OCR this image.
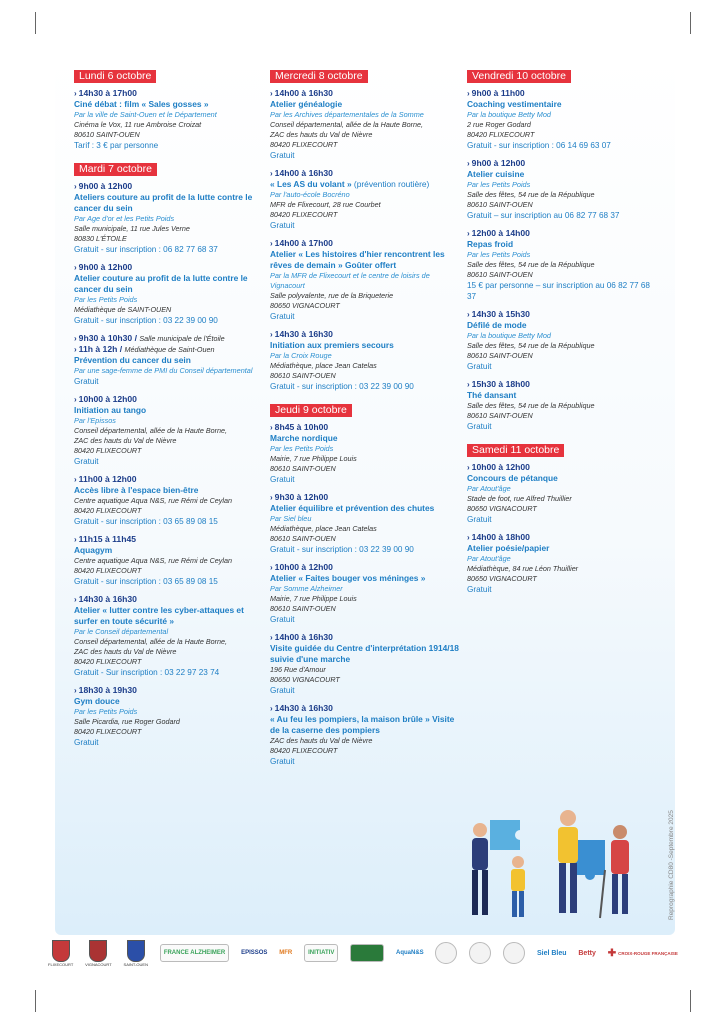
Lundi 6 octobre
› 14h30 à 17h00
Ciné débat : film « Sales gosses »
Par la ville de Saint-Ouen et le Département
Cinéma le Vox, 11 rue Ambroise Croizat
80610 SAINT-OUEN
Tarif : 3 € par personne
Mardi 7 octobre
› 9h00 à 12h00
Ateliers couture au profit de la lutte contre le cancer du sein
Par Age d'or et les Petits Poids
Salle municipale, 11 rue Jules Verne
80830 L'ÉTOILE
Gratuit - sur inscription : 06 82 77 68 37
› 9h00 à 12h00
Atelier couture au profit de la lutte contre le cancer du sein
Par les Petits Poids
Médiathèque de SAINT-OUEN
Gratuit - sur inscription : 03 22 39 00 90
› 9h30 à 10h30 / Salle municipale de l'Étoile
› 11h à 12h / Médiathèque de Saint-Ouen
Prévention du cancer du sein
Par une sage-femme de PMI du Conseil départemental
Gratuit
› 10h00 à 12h00
Initiation au tango
Par l'Epissos
Conseil départemental, allée de la Haute Borne,
ZAC des hauts du Val de Nièvre
80420 FLIXECOURT
Gratuit
› 11h00 à 12h00
Accès libre à l'espace bien-être
Centre aquatique Aqua N&S, rue Rémi de Ceylan
80420 FLIXECOURT
Gratuit - sur inscription : 03 65 89 08 15
› 11h15 à 11h45
Aquagym
Centre aquatique Aqua N&S, rue Rémi de Ceylan
80420 FLIXECOURT
Gratuit - sur inscription : 03 65 89 08 15
› 14h30 à 16h30
Atelier « lutter contre les cyber-attaques et surfer en toute sécurité »
Par le Conseil départemental
Conseil départemental, allée de la Haute Borne,
ZAC des hauts du Val de Nièvre
80420 FLIXECOURT
Gratuit - Sur inscription : 03 22 97 23 74
› 18h30 à 19h30
Gym douce
Par les Petits Poids
Salle Picardia, rue Roger Godard
80420 FLIXECOURT
Gratuit
Mercredi 8 octobre
› 14h00 à 16h30
Atelier généalogie
Par les Archives départementales de la Somme
Conseil départemental, allée de la Haute Borne,
ZAC des hauts du Val de Nièvre
80420 FLIXECOURT
Gratuit
› 14h00 à 16h30
« Les AS du volant » (prévention routière)
Par l'auto-école Bocréno
MFR de Flixecourt, 28 rue Courbet
80420 FLIXECOURT
Gratuit
› 14h00 à 17h00
Atelier « Les histoires d'hier rencontrent les rêves de demain » Goûter offert
Par la MFR de Flixecourt et le centre de loisirs de Vignacourt
Salle polyvalente, rue de la Briqueterie
80650 VIGNACOURT
Gratuit
› 14h30 à 16h30
Initiation aux premiers secours
Par la Croix Rouge
Médiathèque, place Jean Catelas
80610 SAINT-OUEN
Gratuit - sur inscription : 03 22 39 00 90
Jeudi 9 octobre
› 8h45 à 10h00
Marche nordique
Par les Petits Poids
Mairie, 7 rue Philippe Louis
80610 SAINT-OUEN
Gratuit
› 9h30 à 12h00
Atelier équilibre et prévention des chutes
Par Siel bleu
Médiathèque, place Jean Catelas
80610 SAINT-OUEN
Gratuit - sur inscription : 03 22 39 00 90
› 10h00 à 12h00
Atelier « Faites bouger vos méninges »
Par Somme Alzheimer
Mairie, 7 rue Philippe Louis
80610 SAINT-OUEN
Gratuit
› 14h00 à 16h30
Visite guidée du Centre d'interprétation 1914/18 suivie d'une marche
196 Rue d'Amour
80650 VIGNACOURT
Gratuit
› 14h30 à 16h30
« Au feu les pompiers, la maison brûle » Visite de la caserne des pompiers
ZAC des hauts du Val de Nièvre
80420 FLIXECOURT
Gratuit
Vendredi 10 octobre
› 9h00 à 11h00
Coaching vestimentaire
Par la boutique Betty Mod
2 rue Roger Godard
80420 FLIXECOURT
Gratuit - sur inscription : 06 14 69 63 07
› 9h00 à 12h00
Atelier cuisine
Par les Petits Poids
Salle des fêtes, 54 rue de la République
80610 SAINT-OUEN
Gratuit – sur inscription au 06 82 77 68 37
› 12h00 à 14h00
Repas froid
Par les Petits Poids
Salle des fêtes, 54 rue de la République
80610 SAINT-OUEN
15 € par personne – sur inscription au 06 82 77 68 37
› 14h30 à 15h30
Défilé de mode
Par la boutique Betty Mod
Salle des fêtes, 54 rue de la République
80610 SAINT-OUEN
Gratuit
› 15h30 à 18h00
Thé dansant
Salle des fêtes, 54 rue de la République
80610 SAINT-OUEN
Gratuit
Samedi 11 octobre
› 10h00 à 12h00
Concours de pétanque
Par Atout'âge
Stade de foot, rue Alfred Thuillier
80650 VIGNACOURT
Gratuit
› 14h00 à 18h00
Atelier poésie/papier
Par Atout'âge
Médiathèque, 84 rue Léon Thuillier
80650 VIGNACOURT
Gratuit
Reprographie CD80 -Septembre 2025
FLIXECOURT	VIGNACOURT	SAINT-OUEN
FRANCE ALZHEIMER	EPISSOS MFR	INITIATIV	AquaN&S	Siel Bleu Betty ✚ CROIX-ROUGE FRANÇAISE
